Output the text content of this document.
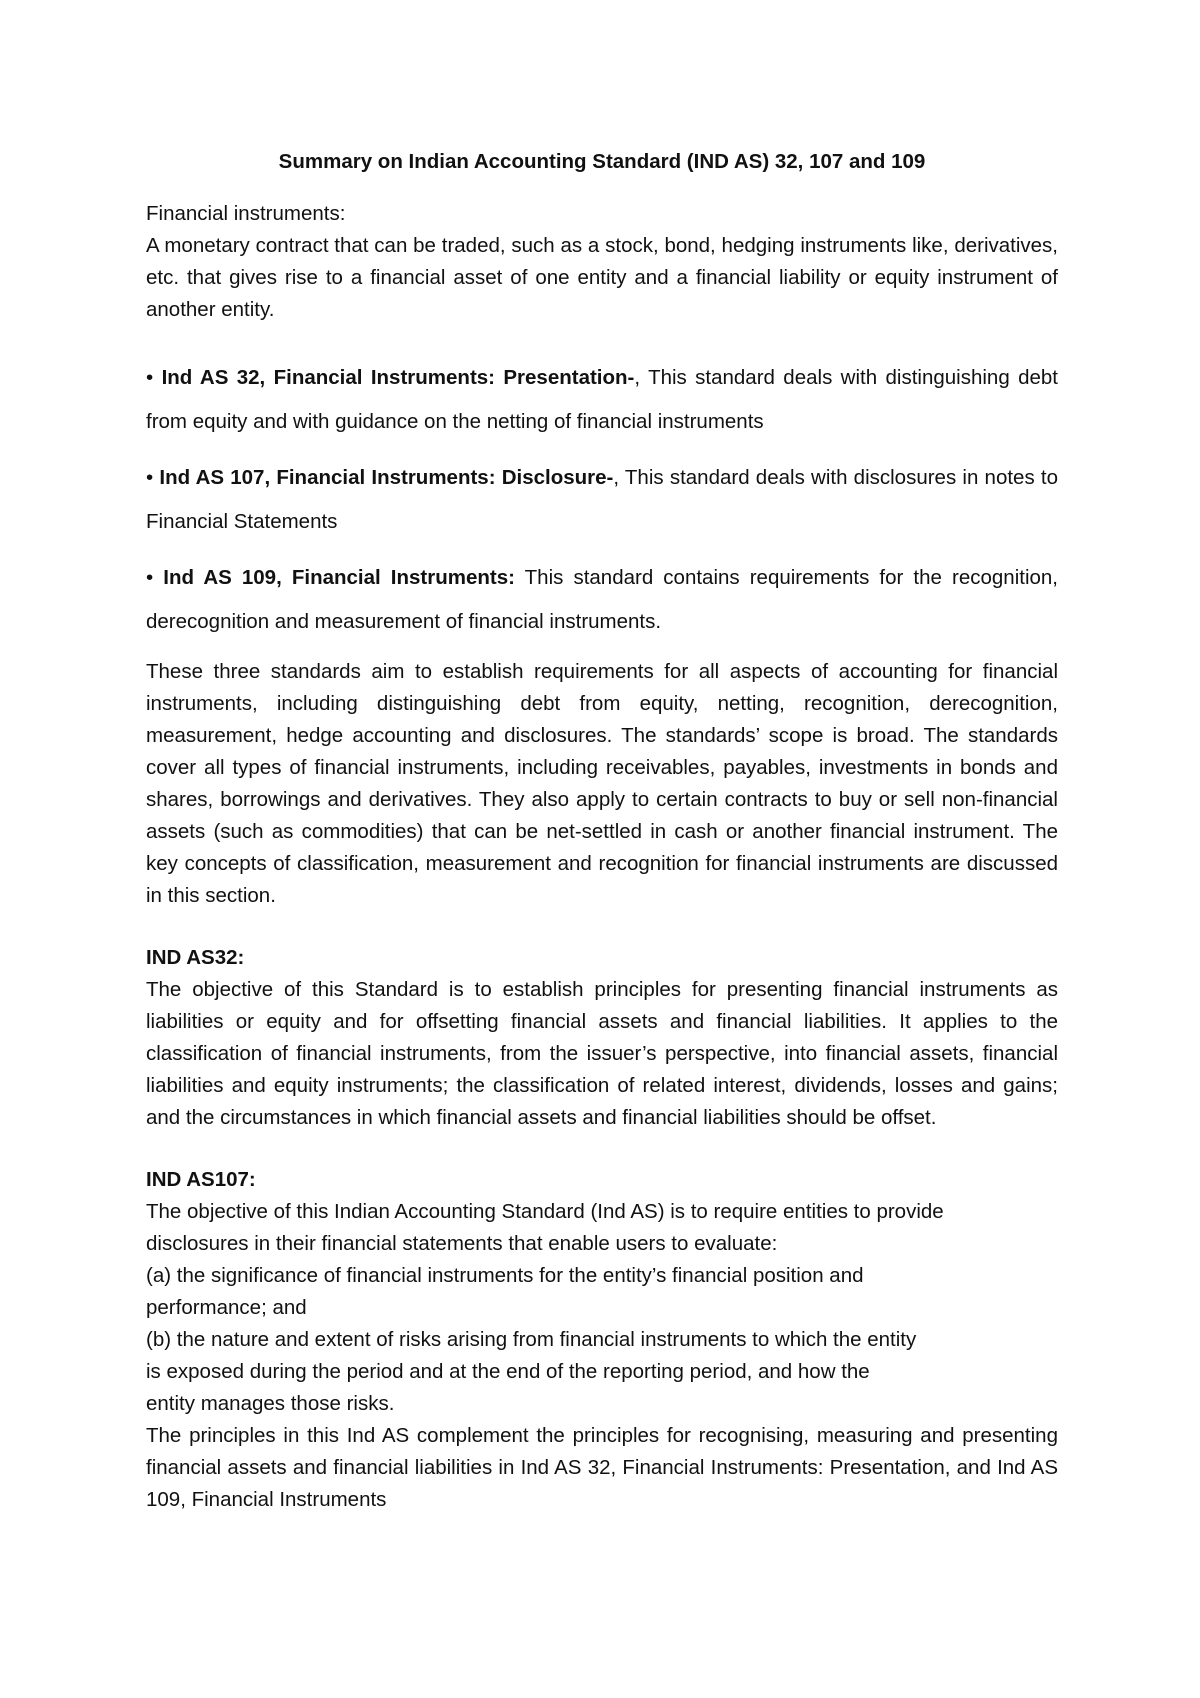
Summary on Indian Accounting Standard (IND AS) 32, 107 and 109

Financial instruments:

A monetary contract that can be traded, such as a stock, bond, hedging instruments like, derivatives, etc. that gives rise to a financial asset of one entity and a financial liability or equity instrument of another entity.

• Ind AS 32, Financial Instruments: Presentation-, This standard deals with distinguishing debt from equity and with guidance on the netting of financial instruments

• Ind AS 107, Financial Instruments: Disclosure-, This standard deals with disclosures in notes to Financial Statements

• Ind AS 109, Financial Instruments: This standard contains requirements for the recognition, derecognition and measurement of financial instruments.

These three standards aim to establish requirements for all aspects of accounting for financial instruments, including distinguishing debt from equity, netting, recognition, derecognition, measurement, hedge accounting and disclosures. The standards’ scope is broad. The standards cover all types of financial instruments, including receivables, payables, investments in bonds and shares, borrowings and derivatives. They also apply to certain contracts to buy or sell non-financial assets (such as commodities) that can be net-settled in cash or another financial instrument. The key concepts of classification, measurement and recognition for financial instruments are discussed in this section.

IND AS32:

The objective of this Standard is to establish principles for presenting financial instruments as liabilities or equity and for offsetting financial assets and financial liabilities. It applies to the classification of financial instruments, from the issuer’s perspective, into financial assets, financial liabilities and equity instruments; the classification of related interest, dividends, losses and gains; and the circumstances in which financial assets and financial liabilities should be offset.

IND AS107:

The objective of this Indian Accounting Standard (Ind AS) is to require entities to provide

disclosures in their financial statements that enable users to evaluate:

(a) the significance of financial instruments for the entity’s financial position and

performance; and

(b) the nature and extent of risks arising from financial instruments to which the entity

is exposed during the period and at the end of the reporting period, and how the

entity manages those risks.

The principles in this Ind AS complement the principles for recognising, measuring and presenting financial assets and financial liabilities in Ind AS 32, Financial Instruments: Presentation, and Ind AS 109, Financial Instruments
